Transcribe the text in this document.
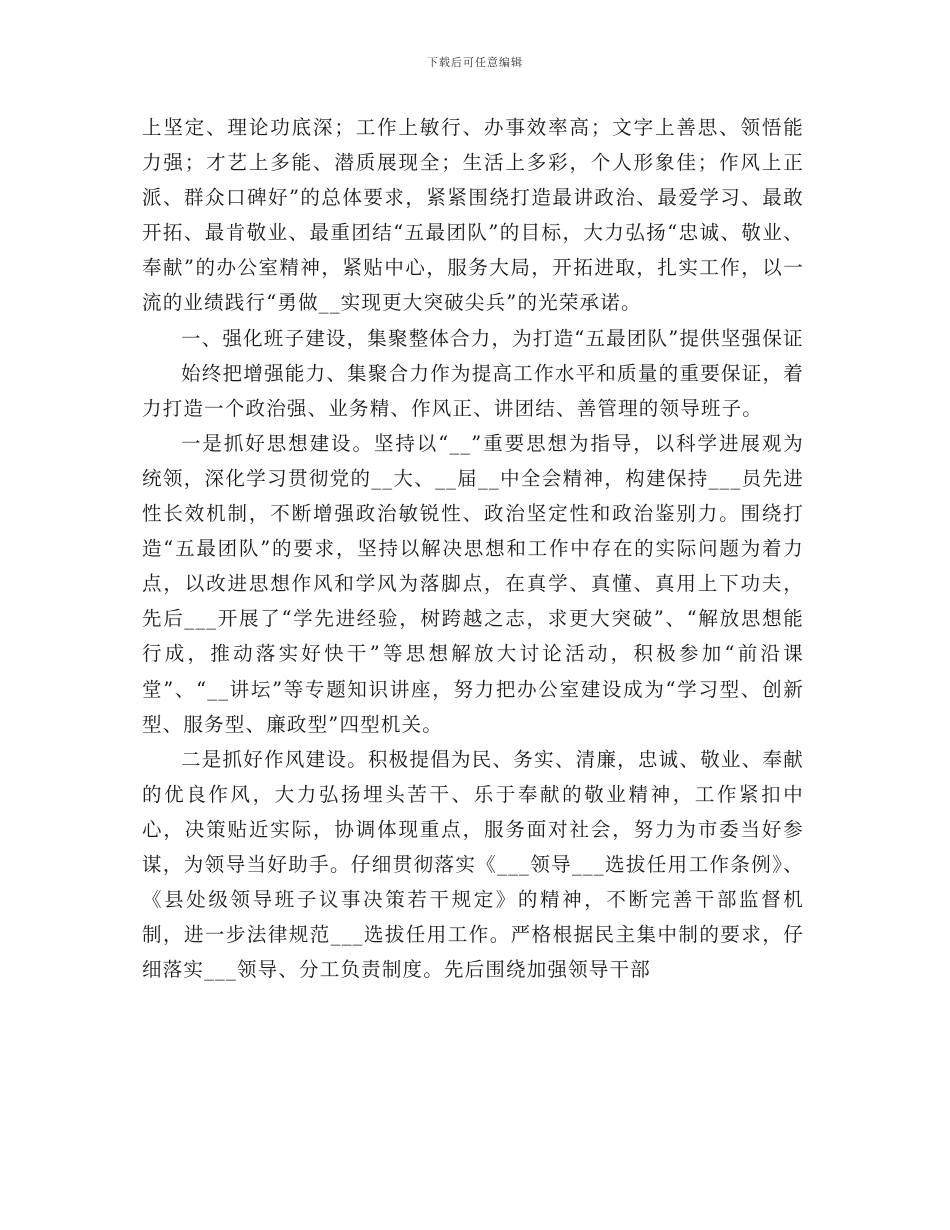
下载后可任意编辑

上坚定、理论功底深；工作上敏行、办事效率高；文字上善思、领悟能力强；才艺上多能、潜质展现全；生活上多彩，个人形象佳；作风上正派、群众口碑好”的总体要求，紧紧围绕打造最讲政治、最爱学习、最敢开拓、最肯敬业、最重团结“五最团队”的目标，大力弘扬“忠诚、敬业、奉献”的办公室精神，紧贴中心，服务大局，开拓进取，扎实工作，以一流的业绩践行“勇做__实现更大突破尖兵”的光荣承诺。

一、强化班子建设，集聚整体合力，为打造“五最团队”提供坚强保证

始终把增强能力、集聚合力作为提高工作水平和质量的重要保证，着力打造一个政治强、业务精、作风正、讲团结、善管理的领导班子。

一是抓好思想建设。坚持以“__”重要思想为指导，以科学进展观为统领，深化学习贯彻党的__大、__届__中全会精神，构建保持___员先进性长效机制，不断增强政治敏锐性、政治坚定性和政治鉴别力。围绕打造“五最团队”的要求，坚持以解决思想和工作中存在的实际问题为着力点，以改进思想作风和学风为落脚点，在真学、真懂、真用上下功夫，先后___开展了“学先进经验，树跨越之志，求更大突破”、“解放思想能行成，推动落实好快干”等思想解放大讨论活动，积极参加“前沿课堂”、“__讲坛”等专题知识讲座，努力把办公室建设成为“学习型、创新型、服务型、廉政型”四型机关。

二是抓好作风建设。积极提倡为民、务实、清廉，忠诚、敬业、奉献的优良作风，大力弘扬埋头苦干、乐于奉献的敬业精神，工作紧扣中心，决策贴近实际，协调体现重点，服务面对社会，努力为市委当好参谋，为领导当好助手。仔细贯彻落实《___领导___选拔任用工作条例》、《县处级领导班子议事决策若干规定》的精神，不断完善干部监督机制，进一步法律规范___选拔任用工作。严格根据民主集中制的要求，仔细落实___领导、分工负责制度。先后围绕加强领导干部
